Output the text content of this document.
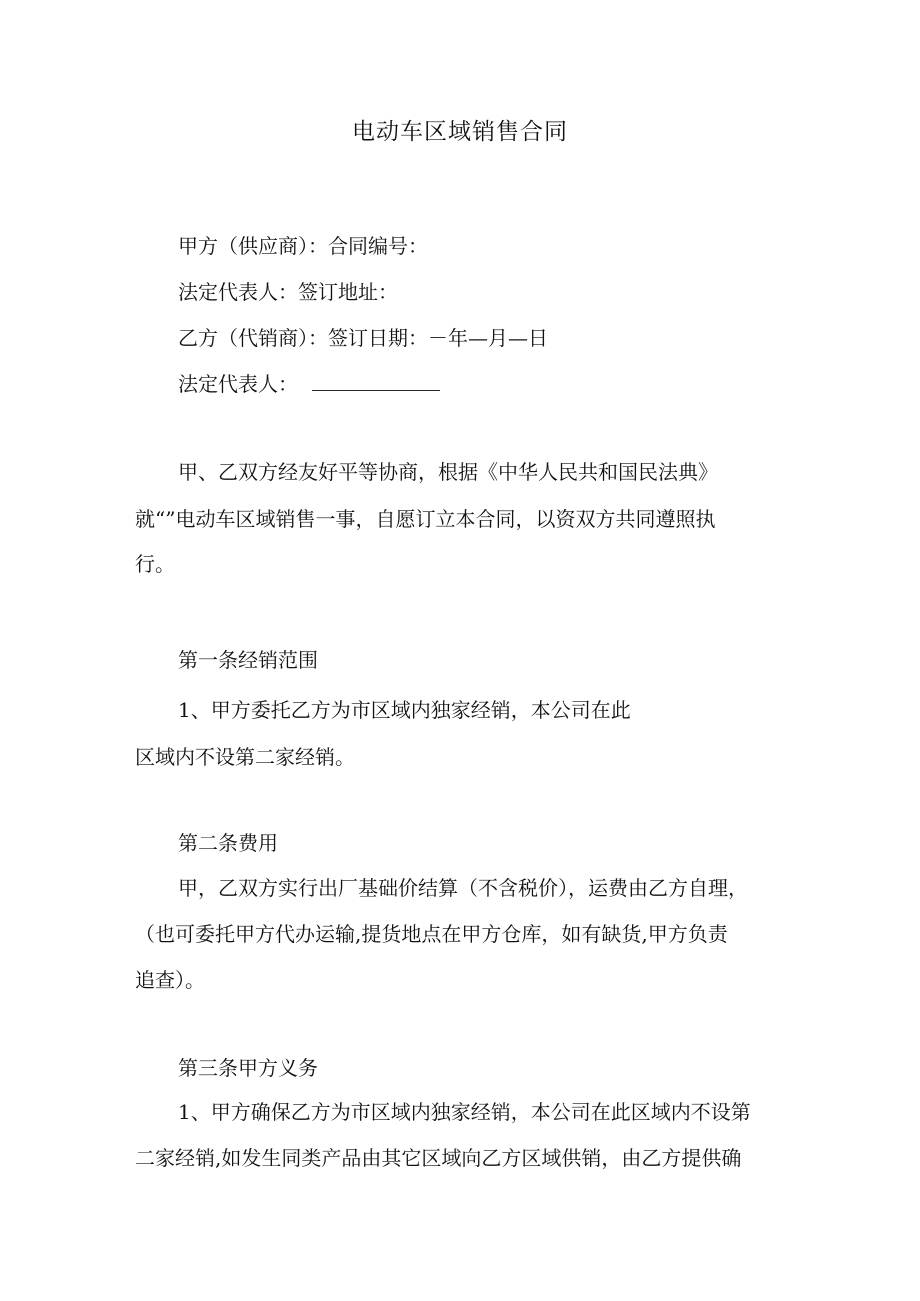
电动车区域销售合同
甲方（供应商）：合同编号：
法定代表人：签订地址：
乙方（代销商）：签订日期：－年—月—日
法定代表人：
甲、乙双方经友好平等协商，根据《中华人民共和国民法典》
就“”电动车区域销售一事，自愿订立本合同，以资双方共同遵照执
行。
第一条经销范围
1、甲方委托乙方为市区域内独家经销，本公司在此
区域内不设第二家经销。
第二条费用
甲，乙双方实行出厂基础价结算（不含税价），运费由乙方自理，
（也可委托甲方代办运输,提货地点在甲方仓库，如有缺货,甲方负责
追查）。
第三条甲方义务
1、甲方确保乙方为市区域内独家经销，本公司在此区域内不设第
二家经销,如发生同类产品由其它区域向乙方区域供销，由乙方提供确
